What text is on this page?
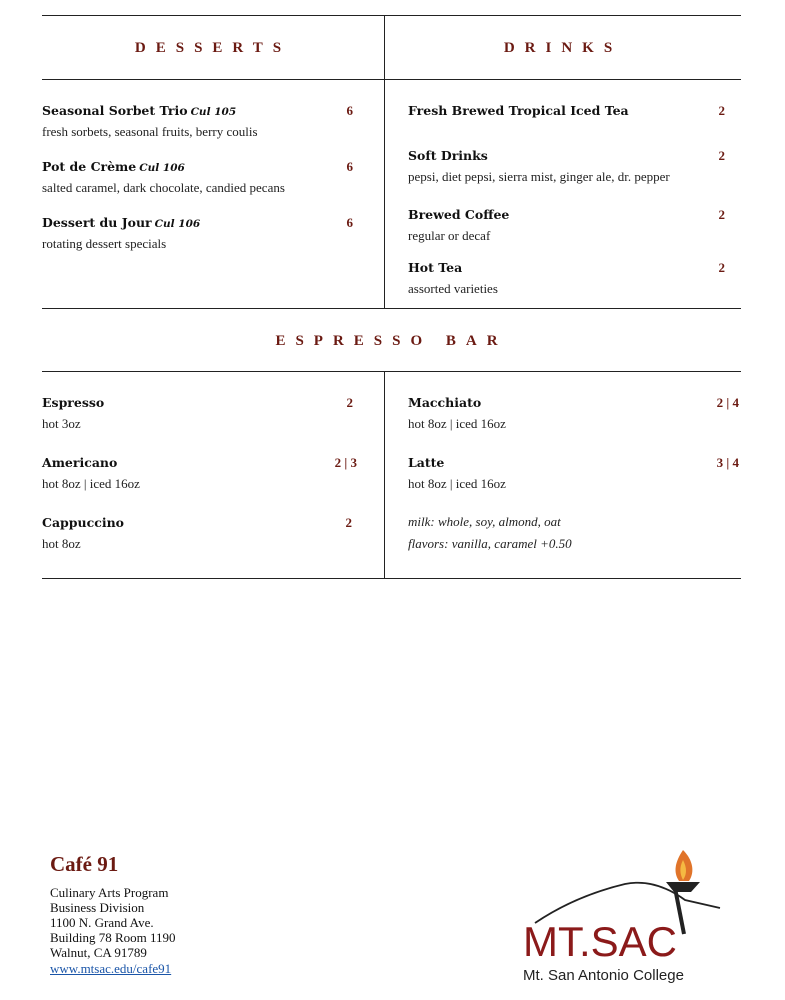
DESSERTS	DRINKS
ESPRESSO BAR
Seasonal Sorbet Trio Cul 105
fresh sorbets, seasonal fruits, berry coulis
6
Pot de Crème Cul 106
salted caramel, dark chocolate, candied pecans
6
Dessert du Jour Cul 106
rotating dessert specials
6
Fresh Brewed Tropical Iced Tea	2
Soft Drinks
pepsi, diet pepsi, sierra mist, ginger ale, dr. pepper
2
Brewed Coffee
regular or decaf
2
Hot Tea
assorted varieties
2
Espresso
hot 3oz
2
Americano
hot 8oz | iced 16oz
2 | 3
Cappuccino
hot 8oz
2
Macchiato
hot 8oz | iced 16oz
2 | 4
Latte
hot 8oz | iced 16oz
3 | 4
milk: whole, soy, almond, oat
flavors: vanilla, caramel +0.50
Café 91
Culinary Arts Program
Business Division
1100 N. Grand Ave.
Building 78 Room 1190
Walnut, CA 91789
www.mtsac.edu/cafe91
MT.SAC
Mt. San Antonio College
